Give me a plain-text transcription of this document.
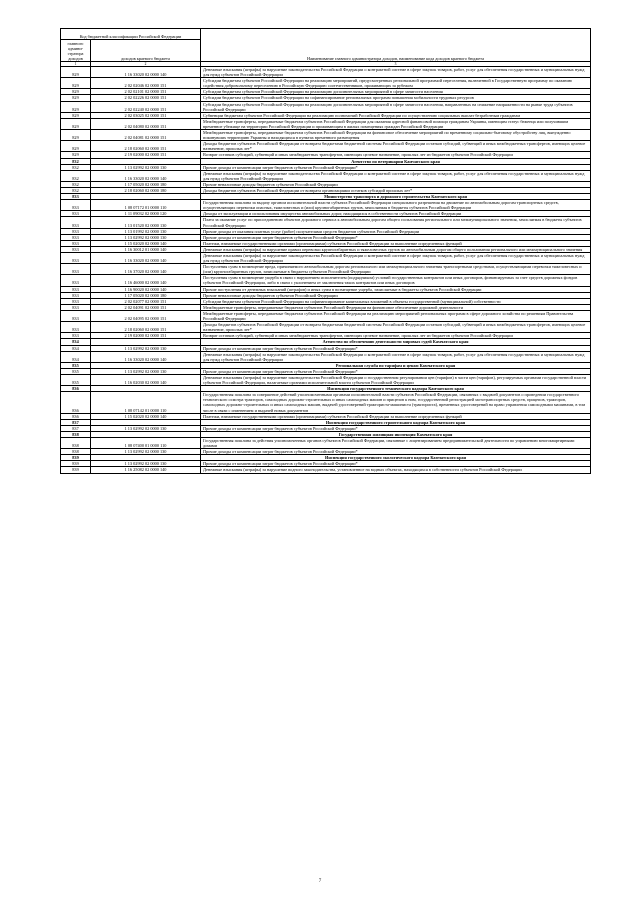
Код бюджетной классификации Российской Федерации		Наименование главного администратора доходов, наименование кода доходов краевого бюджета
главного админи-стратора доходов	доходов краевого бюджета	
1	2	3
829	1 16 33020 02 0000 140	Денежные взыскания (штрафы) за нарушение законодательства Российской Федерации о контрактной системе в сфере закупок товаров, работ, услуг для обеспечения государственных и муниципальных нужд для нужд субъектов Российской Федерации
829	2 02 02046 02 0000 151	Субсидии бюджетам субъектов Российской Федерации на реализацию мероприятий, предусмотренных региональной программой переселения, включенной в Государственную программу по оказанию содействия добровольному переселению в Российскую Федерацию соотечественников, проживающих за рубежом
829	2 02 02101 02 0000 151	Субсидии бюджетам субъектов Российской Федерации на реализацию дополнительных мероприятий в сфере занятости населения
829	2 02 02226 02 0000 151	Субсидии бюджетам субъектов Российской Федерации на софинансирование региональных программ повышения мобильности трудовых ресурсов
829	2 02 02240 02 0000 151	Субсидии бюджетам субъектов Российской Федерации на реализацию дополнительных мероприятий в сфере занятости населения, направленных на снижение напряженности на рынке труда субъектов Российской Федерации
829	2 02 03025 02 0000 151	Субвенции бюджетам субъектов Российской Федерации на реализацию полномочий Российской Федерации по осуществлению социальных выплат безработным гражданам
829	2 02 04080 02 0000 151	Межбюджетные трансферты, передаваемые бюджетам субъектов Российской Федерации для оказания адресной финансовой помощи гражданам Украины, имеющим статус беженца или получившим временное убежище на территории Российской Федерации и проживающим в жилых помещениях граждан Российской Федерации
829	2 02 04081 02 0000 151	Межбюджетные трансферты, передаваемые бюджетам субъектов Российской Федерации на финансовое обеспечение мероприятий по временному социально-бытовому обустройству лиц, вынужденно покинувших территорию Украины и находящихся в пунктах временного размещения
829	2 18 02060 02 0000 151	Доходы бюджетов субъектов Российской Федерации от возврата бюджетами бюджетной системы Российской Федерации остатков субсидий, субвенций и иных межбюджетных трансфертов, имеющих целевое назначение, прошлых лет*
829	2 19 02000 02 0000 151	Возврат остатков субсидий, субвенций и иных межбюджетных трансфертов, имеющих целевое назначение, прошлых лет из бюджетов субъектов Российской Федерации
832		Агентство по ветеринарии Камчатского края
832	1 13 02992 02 0000 130	Прочие доходы от компенсации затрат бюджетов субъектов Российской Федерации*
832	1 16 33020 02 0000 140	Денежные взыскания (штрафы) за нарушение законодательства Российской Федерации о контрактной системе в сфере закупок товаров, работ, услуг для обеспечения государственных и муниципальных нужд для нужд субъектов Российской Федерации
832	1 17 05020 02 0000 180	Прочие неналоговые доходы бюджетов субъектов Российской Федерации
832	2 18 02060 02 0000 180	Доходы бюджетов субъектов Российской Федерации от возврата организациями остатков субсидий прошлых лет*
833		Министерство транспорта и дорожного строительства Камчатского края
833	1 08 07172 01 0000 110	Государственная пошлина за выдачу органом исполнительной власти субъекта Российской Федерации специального разрешения на движение по автомобильным дорогам транспортных средств, осуществляющих перевозки опасных, тяжеловесных и (или) крупногабаритных грузов, зачисляемая в бюджеты субъектов Российской Федерации
833	1 11 09032 02 0000 120	Доходы от эксплуатации и использования имущества автомобильных дорог, находящихся в собственности субъектов Российской Федерации
833	1 13 01520 02 0000 130	Плата за оказание услуг по присоединению объектов дорожного сервиса к автомобильным дорогам общего пользования регионального или межмуниципального значения, зачисляемая в бюджеты субъектов Российской Федерации
833	1 13 01992 02 0000 130	Прочие доходы от оказания платных услуг (работ) получателями средств бюджетов субъектов Российской Федерации
833	1 13 02992 02 0000 130	Прочие доходы от компенсации затрат бюджетов субъектов Российской Федерации*
833	1 15 02020 02 0000 140	Платежи, взимаемые государственными органами (организациями) субъектов Российской Федерации за выполнение определенных функций
833	1 16 30012 01 0000 140	Денежные взыскания (штрафы) за нарушение правил перевозки крупногабаритных и тяжеловесных грузов по автомобильным дорогам общего пользования регионального или межмуниципального значения
833	1 16 33020 02 0000 140	Денежные взыскания (штрафы) за нарушение законодательства Российской Федерации о контрактной системе в сфере закупок товаров, работ, услуг для обеспечения государственных и муниципальных нужд для нужд субъектов Российской Федерации
833	1 16 37020 02 0000 140	Поступления сумм в возмещение вреда, причиняемого автомобильным дорогам регионального или межмуниципального значения транспортными средствами, осуществляющими перевозки тяжеловесных и (или) крупногабаритных грузов, зачисляемые в бюджеты субъектов Российской Федерации
833	1 16 46000 02 0000 140	Поступления сумм в возмещение ущерба в связи с нарушением исполнителем (подрядчиком) условий государственных контрактов или иных договоров, финансируемых за счет средств дорожных фондов субъектов Российской Федерации, либо в связи с уклонением от заключения таких контрактов или иных договоров
833	1 16 90020 02 0000 140	Прочие поступления от денежных взысканий (штрафов) и иных сумм в возмещение ущерба, зачисляемые в бюджеты субъектов Российской Федерации
833	1 17 05020 02 0000 180	Прочие неналоговые доходы бюджетов субъектов Российской Федерации
833	2 02 02077 02 0000 151	Субсидии бюджетам субъектов Российской Федерации на софинансирование капитальных вложений в объекты государственной (муниципальной) собственности
833	2 02 04091 02 0000 151	Межбюджетные трансферты, передаваемые бюджетам субъектов Российской Федерации на финансовое обеспечение дорожной деятельности
833	2 02 04095 02 0000 151	Межбюджетные трансферты, передаваемые бюджетам субъектов Российской Федерации на реализацию мероприятий региональных программ в сфере дорожного хозяйства по решениям Правительства Российской Федерации
833	2 18 02060 02 0000 151	Доходы бюджетов субъектов Российской Федерации от возврата бюджетами бюджетной системы Российской Федерации остатков субсидий, субвенций и иных межбюджетных трансфертов, имеющих целевое назначение, прошлых лет*
833	2 19 02000 02 0000 151	Возврат остатков субсидий, субвенций и иных межбюджетных трансфертов, имеющих целевое назначение, прошлых лет из бюджетов субъектов Российской Федерации
834		Агентство по обеспечению деятельности мировых судей Камчатского края
834	1 13 02992 02 0000 130	Прочие доходы от компенсации затрат бюджетов субъектов Российской Федерации*
834	1 16 33020 02 0000 140	Денежные взыскания (штрафы) за нарушение законодательства Российской Федерации о контрактной системе в сфере закупок товаров, работ, услуг для обеспечения государственных и муниципальных нужд для нужд субъектов Российской Федерации
835		Региональная служба по тарифам и ценам Камчатского края
835	1 13 02992 02 0000 130	Прочие доходы от компенсации затрат бюджетов субъектов Российской Федерации*
835	1 16 02030 02 0000 140	Денежные взыскания (штрафы) за нарушение законодательства Российской Федерации о государственном регулировании цен (тарифов) в части цен (тарифов), регулируемых органами государственной власти субъектов Российской Федерации, налагаемые органами исполнительной власти субъектов Российской Федерации
836		Инспекция государственного технического надзора Камчатского края
836	1 08 07142 01 0000 110	Государственная пошлина за совершение действий уполномоченными органами исполнительной власти субъектов Российской Федерации, связанных с выдачей документов о проведении государственного технического осмотра тракторов, самоходных дорожно-строительных и иных самоходных машин и прицепов к ним, государственной регистрацией мототранспортных средств, прицепов, тракторов, самоходных дорожно-строительных и иных самоходных машин, выдачей удостоверений тракториста-машиниста (тракториста), временных удостоверений на право управления самоходными машинами, в том числе в связи с изменением и выдачей новых документов
836	1 15 02020 02 0000 140	Платежи, взимаемые государственными органами (организациями) субъектов Российской Федерации за выполнение определенных функций
837		Инспекция государственного строительного надзора Камчатского края
837	1 13 02992 02 0000 130	Прочие доходы от компенсации затрат бюджетов субъектов Российской Федерации*
838		Государственная жилищная инспекция Камчатского края
838	1 08 07400 01 0000 110	Государственная пошлина за действия уполномоченных органов субъектов Российской Федерации, связанные с лицензированием предпринимательской деятельности по управлению многоквартирными домами
838	1 13 02992 02 0000 130	Прочие доходы от компенсации затрат бюджетов субъектов Российской Федерации*
839		Инспекция государственного экологического надзора Камчатского края
839	1 13 02992 02 0000 130	Прочие доходы от компенсации затрат бюджетов субъектов Российской Федерации*
839	1 16 25082 02 0000 140	Денежные взыскания (штрафы) за нарушение водного законодательства, установленное на водных объектах, находящихся в собственности субъектов Российской Федерации
7
